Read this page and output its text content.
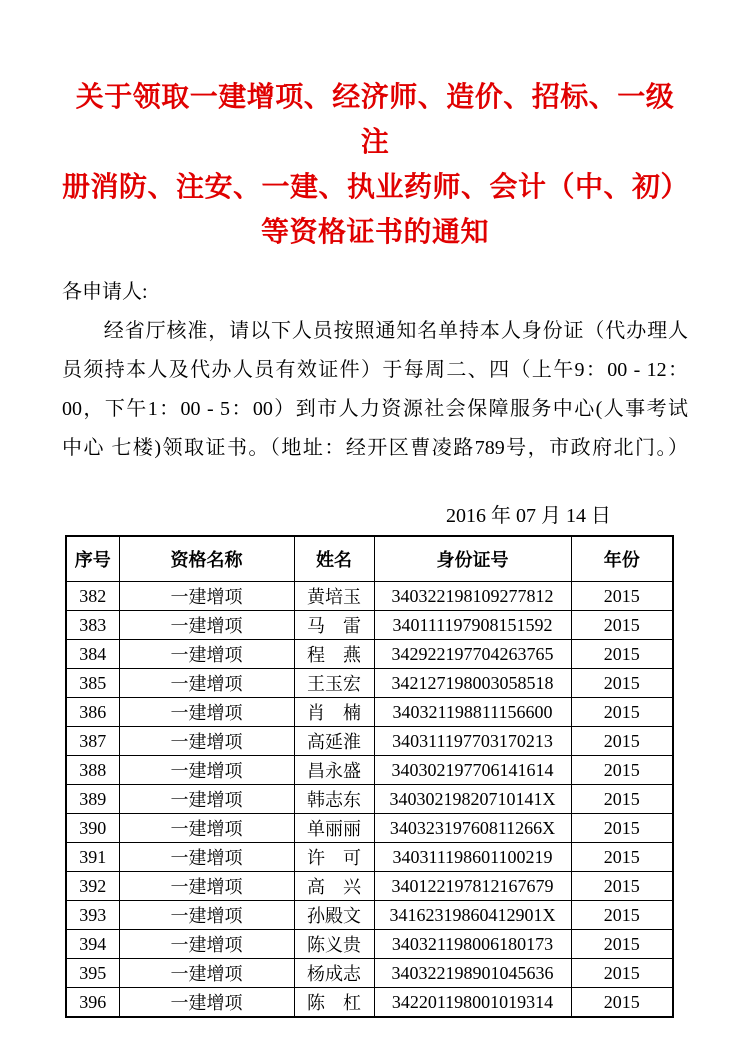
关于领取一建增项、经济师、造价、招标、一级注
册消防、注安、一建、执业药师、会计（中、初）
等资格证书的通知
各申请人:
　　经省厅核准，请以下人员按照通知名单持本人身份证（代办理人
员须持本人及代办人员有效证件）于每周二、四（上午9：00 - 12：
00，下午1：00 - 5：00）到市人力资源社会保障服务中心(人事考试
中心 七楼)领取证书。（地址：经开区曹凌路789号，市政府北门。）
2016 年 07 月 14 日
序号	资格名称	姓名	身份证号	年份
382	一建增项	黄培玉	340322198109277812	2015
383	一建增项	马　雷	340111197908151592	2015
384	一建增项	程　燕	342922197704263765	2015
385	一建增项	王玉宏	342127198003058518	2015
386	一建增项	肖　楠	340321198811156600	2015
387	一建增项	高延淮	340311197703170213	2015
388	一建增项	昌永盛	340302197706141614	2015
389	一建增项	韩志东	34030219820710141X	2015
390	一建增项	单丽丽	34032319760811266X	2015
391	一建增项	许　可	340311198601100219	2015
392	一建增项	高　兴	340122197812167679	2015
393	一建增项	孙殿文	34162319860412901X	2015
394	一建增项	陈义贵	340321198006180173	2015
395	一建增项	杨成志	340322198901045636	2015
396	一建增项	陈　杠	342201198001019314	2015
